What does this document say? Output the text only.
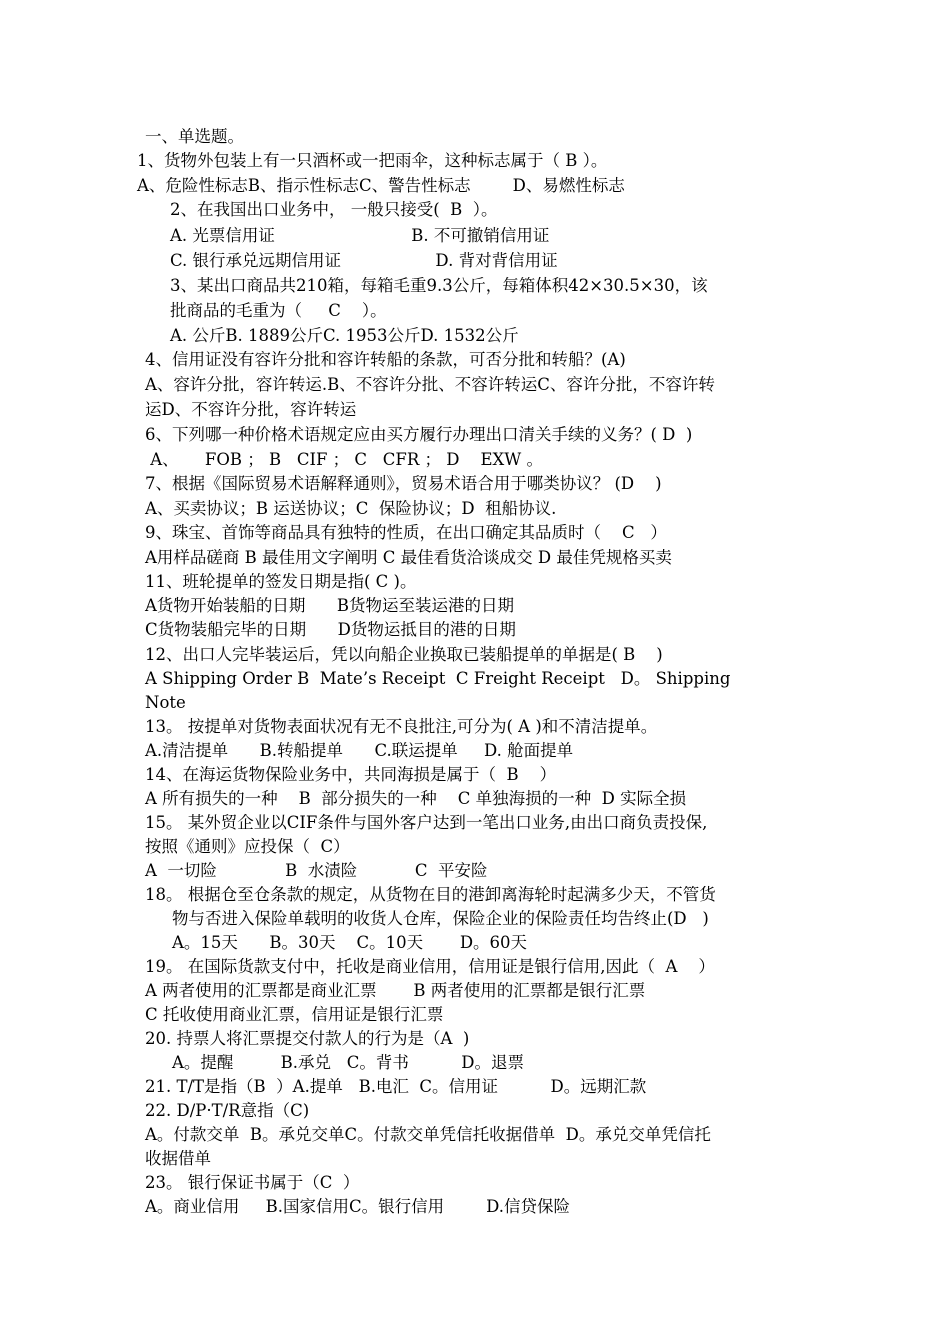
一、单选题。
1、货物外包装上有一只酒杯或一把雨伞，这种标志属于（ B ）。
A、危险性标志B、指示性标志C、警告性标志        D、易燃性标志
2、在我国出口业务中， 一般只接受(  B  ）。
A. 光票信用证                          B. 不可撤销信用证
C. 银行承兑远期信用证                  D. 背对背信用证
3、某出口商品共210箱，每箱毛重9.3公斤，每箱体积42×30.5×30，该
批商品的毛重为（     C    ）。
A. 公斤B. 1889公斤C. 1953公斤D. 1532公斤
4、信用证没有容许分批和容许转船的条款，可否分批和转船？(A)
A、容许分批，容许转运.B、不容许分批、不容许转运C、容许分批，不容许转
运D、不容许分批，容许转运
6、下列哪一种价格术语规定应由买方履行办理出口清关手续的义务？( D  )
A、     FOB ； B   CIF ； C   CFR ； D    EXW 。
7、根据《国际贸易术语解释通则》，贸易术语合用于哪类协议？ (D    )
A、买卖协议；B 运送协议；C  保险协议；D  租船协议.
9、珠宝、首饰等商品具有独特的性质，在出口确定其品质时（    C   ）
A用样品磋商 B 最佳用文字阐明 C 最佳看货洽谈成交 D 最佳凭规格买卖
11、班轮提单的签发日期是指( C )。
A货物开始装船的日期      B货物运至装运港的日期
C货物装船完毕的日期      D货物运抵目的港的日期
12、出口人完毕装运后，凭以向船企业换取已装船提单的单据是( B    )
A Shipping Order B  Mate’s Receipt  C Freight Receipt   D。 Shipping
Note
13。 按提单对货物表面状况有无不良批注,可分为( A )和不清洁提单。
A.清洁提单      B.转船提单      C.联运提单     D. 舱面提单
14、在海运货物保险业务中，共同海损是属于（  B    ）
A 所有损失的一种    B  部分损失的一种    C 单独海损的一种  D 实际全损
15。 某外贸企业以CIF条件与国外客户达到一笔出口业务,由出口商负责投保,
按照《通则》应投保（  C）
A  一切险             B  水渍险           C  平安险
18。 根据仓至仓条款的规定，从货物在目的港卸离海轮时起满多少天，不管货
物与否进入保险单载明的收货人仓库，保险企业的保险责任均告终止(D   )
A。15天      B。30天    C。10天       D。60天
19。 在国际货款支付中，托收是商业信用，信用证是银行信用,因此（  A    ）
A 两者使用的汇票都是商业汇票       B 两者使用的汇票都是银行汇票
C 托收使用商业汇票，信用证是银行汇票
20. 持票人将汇票提交付款人的行为是（A  )
A。提醒         B.承兑   C。背书          D。退票
21. T/T是指（B  ）A.提单   B.电汇  C。信用证          D。远期汇款
22. D/P·T/R意指（C)
A。付款交单  B。承兑交单C。付款交单凭信托收据借单  D。承兑交单凭信托
收据借单
23。 银行保证书属于（C  ）
A。商业信用     B.国家信用C。银行信用        D.信贷保险
